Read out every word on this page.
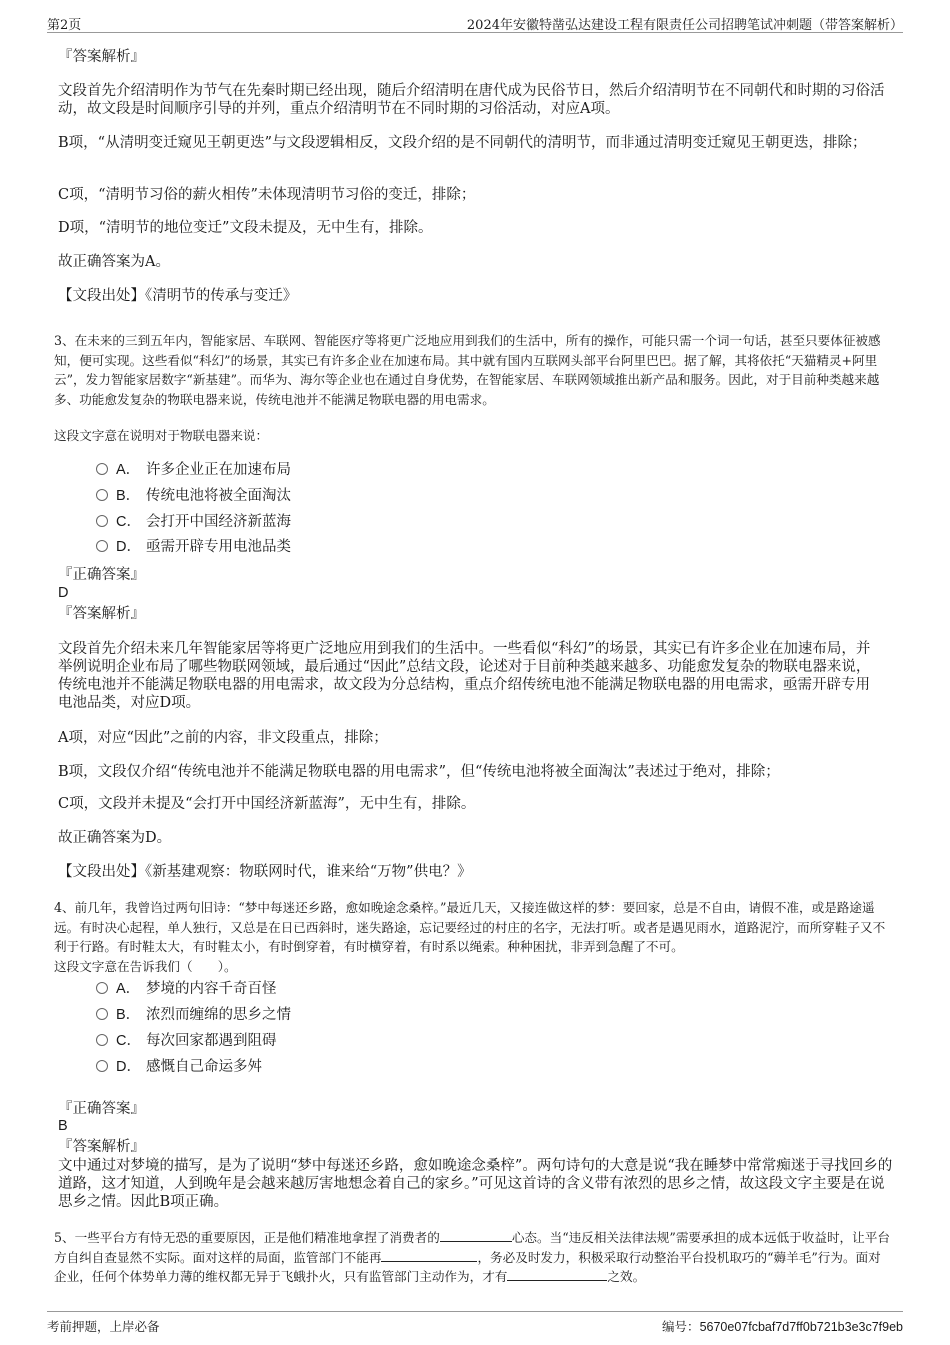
第2页	2024年安徽特凿弘达建设工程有限责任公司招聘笔试冲刺题（带答案解析）

『答案解析』

文段首先介绍清明作为节气在先秦时期已经出现，随后介绍清明在唐代成为民俗节日，然后介绍清明节在不同朝代和时期的习俗活动，故文段是时间顺序引导的并列，重点介绍清明节在不同时期的习俗活动，对应A项。

B项，“从清明变迁窥见王朝更迭”与文段逻辑相反，文段介绍的是不同朝代的清明节，而非通过清明变迁窥见王朝更迭，排除；

C项，“清明节习俗的薪火相传”未体现清明节习俗的变迁，排除；

D项，“清明节的地位变迁”文段未提及，无中生有，排除。

故正确答案为A。

【文段出处】《清明节的传承与变迁》

3、在未来的三到五年内，智能家居、车联网、智能医疗等将更广泛地应用到我们的生活中，所有的操作，可能只需一个词一句话，甚至只要体征被感知，便可实现。这些看似“科幻”的场景，其实已有许多企业在加速布局。其中就有国内互联网头部平台阿里巴巴。据了解，其将依托“天猫精灵+阿里云”，发力智能家居数字“新基建”。而华为、海尔等企业也在通过自身优势，在智能家居、车联网领域推出新产品和服务。因此，对于目前种类越来越多、功能愈发复杂的物联电器来说，传统电池并不能满足物联电器的用电需求。

这段文字意在说明对于物联电器来说：

A． 许多企业正在加速布局
B． 传统电池将被全面淘汰
C． 会打开中国经济新蓝海
D． 亟需开辟专用电池品类

『正确答案』

D

『答案解析』

文段首先介绍未来几年智能家居等将更广泛地应用到我们的生活中。一些看似“科幻”的场景，其实已有许多企业在加速布局，并举例说明企业布局了哪些物联网领域，最后通过“因此”总结文段，论述对于目前种类越来越多、功能愈发复杂的物联电器来说，传统电池并不能满足物联电器的用电需求，故文段为分总结构，重点介绍传统电池不能满足物联电器的用电需求，亟需开辟专用电池品类，对应D项。

A项，对应“因此”之前的内容，非文段重点，排除；

B项，文段仅介绍“传统电池并不能满足物联电器的用电需求”，但“传统电池将被全面淘汰”表述过于绝对，排除；

C项，文段并未提及“会打开中国经济新蓝海”，无中生有，排除。

故正确答案为D。

【文段出处】《新基建观察：物联网时代，谁来给“万物”供电？》

4、前几年，我曾诌过两句旧诗：“梦中每迷还乡路，愈如晚途念桑梓。”最近几天，又接连做这样的梦：要回家，总是不自由，请假不准，或是路途遥远。有时决心起程，单人独行，又总是在日已西斜时，迷失路途，忘记要经过的村庄的名字，无法打听。或者是遇见雨水，道路泥泞，而所穿鞋子又不利于行路。有时鞋太大，有时鞋太小，有时倒穿着，有时横穿着，有时系以绳索。种种困扰，非弄到急醒了不可。

这段文字意在告诉我们（　　）。

A． 梦境的内容千奇百怪
B． 浓烈而缠绵的思乡之情
C． 每次回家都遇到阻碍
D． 感慨自己命运多舛

『正确答案』

B

『答案解析』

文中通过对梦境的描写，是为了说明“梦中每迷还乡路，愈如晚途念桑梓”。两句诗句的大意是说“我在睡梦中常常痴迷于寻找回乡的道路，这才知道，人到晚年是会越来越厉害地想念着自己的家乡。”可见这首诗的含义带有浓烈的思乡之情，故这段文字主要是在说思乡之情。因此B项正确。

5、一些平台方有恃无恐的重要原因，正是他们精准地拿捏了消费者的	心态。当“违反相关法律法规”需要承担的成本远低于收益时，让平台方自纠自查显然不实际。面对这样的局面，监管部门不能再	，务必及时发力，积极采取行动整治平台投机取巧的“薅羊毛”行为。面对企业，任何个体势单力薄的维权都无异于飞蛾扑火，只有监管部门主动作为，才有	之效。

考前押题，上岸必备	编号：5670e07fcbaf7d7ff0b721b3e3c7f9eb
